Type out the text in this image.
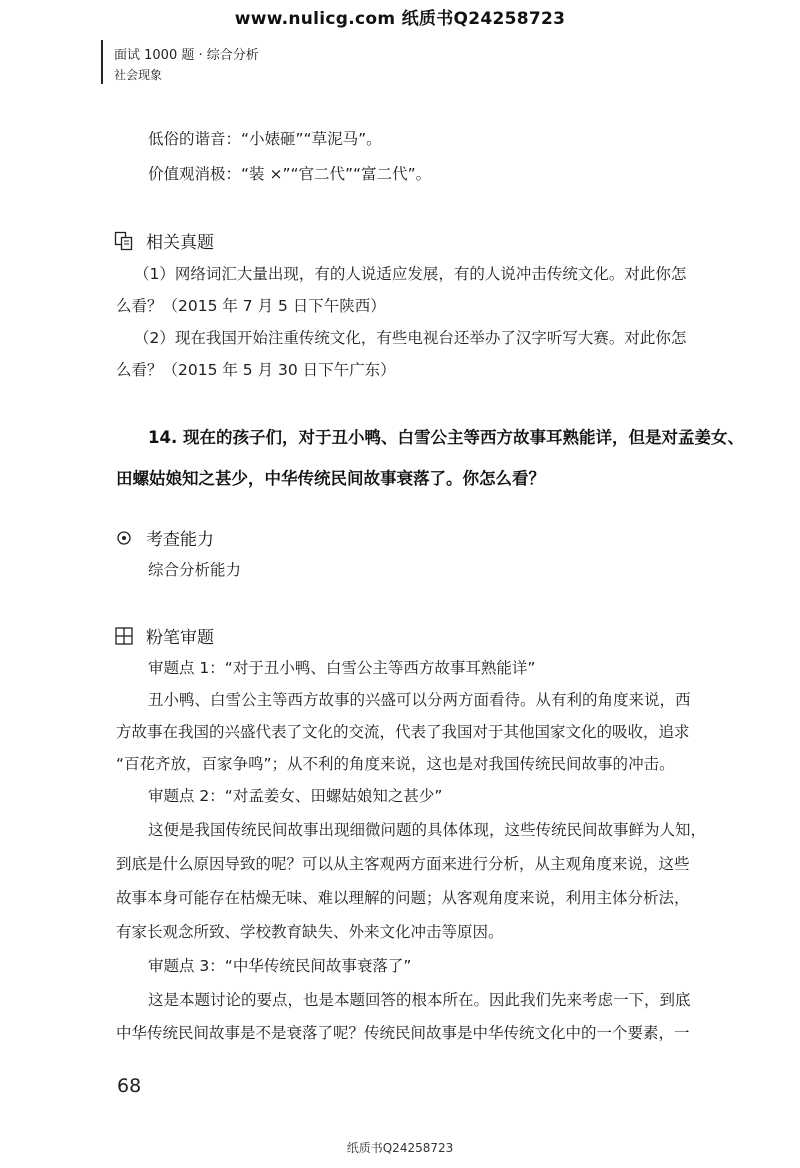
www.nulicg.com 纸质书Q24258723
面试 1000 题 · 综合分析
社会现象
低俗的谐音：“小婊砸”“草泥马”。
价值观消极：“装 ×”“官二代”“富二代”。
相关真题
（1）网络词汇大量出现，有的人说适应发展，有的人说冲击传统文化。对此你怎
么看？（2015 年 7 月 5 日下午陕西）
（2）现在我国开始注重传统文化，有些电视台还举办了汉字听写大赛。对此你怎
么看？（2015 年 5 月 30 日下午广东）
14. 现在的孩子们，对于丑小鸭、白雪公主等西方故事耳熟能详，但是对孟姜女、
田螺姑娘知之甚少，中华传统民间故事衰落了。你怎么看？
考查能力
综合分析能力
粉笔审题
审题点 1：“对于丑小鸭、白雪公主等西方故事耳熟能详”
丑小鸭、白雪公主等西方故事的兴盛可以分两方面看待。从有利的角度来说，西
方故事在我国的兴盛代表了文化的交流，代表了我国对于其他国家文化的吸收，追求
“百花齐放，百家争鸣”；从不利的角度来说，这也是对我国传统民间故事的冲击。
审题点 2：“对孟姜女、田螺姑娘知之甚少”
这便是我国传统民间故事出现细微问题的具体体现，这些传统民间故事鲜为人知，
到底是什么原因导致的呢？可以从主客观两方面来进行分析，从主观角度来说，这些
故事本身可能存在枯燥无味、难以理解的问题；从客观角度来说，利用主体分析法，
有家长观念所致、学校教育缺失、外来文化冲击等原因。
审题点 3：“中华传统民间故事衰落了”
这是本题讨论的要点，也是本题回答的根本所在。因此我们先来考虑一下，到底
中华传统民间故事是不是衰落了呢？传统民间故事是中华传统文化中的一个要素，一
68
纸质书Q24258723
